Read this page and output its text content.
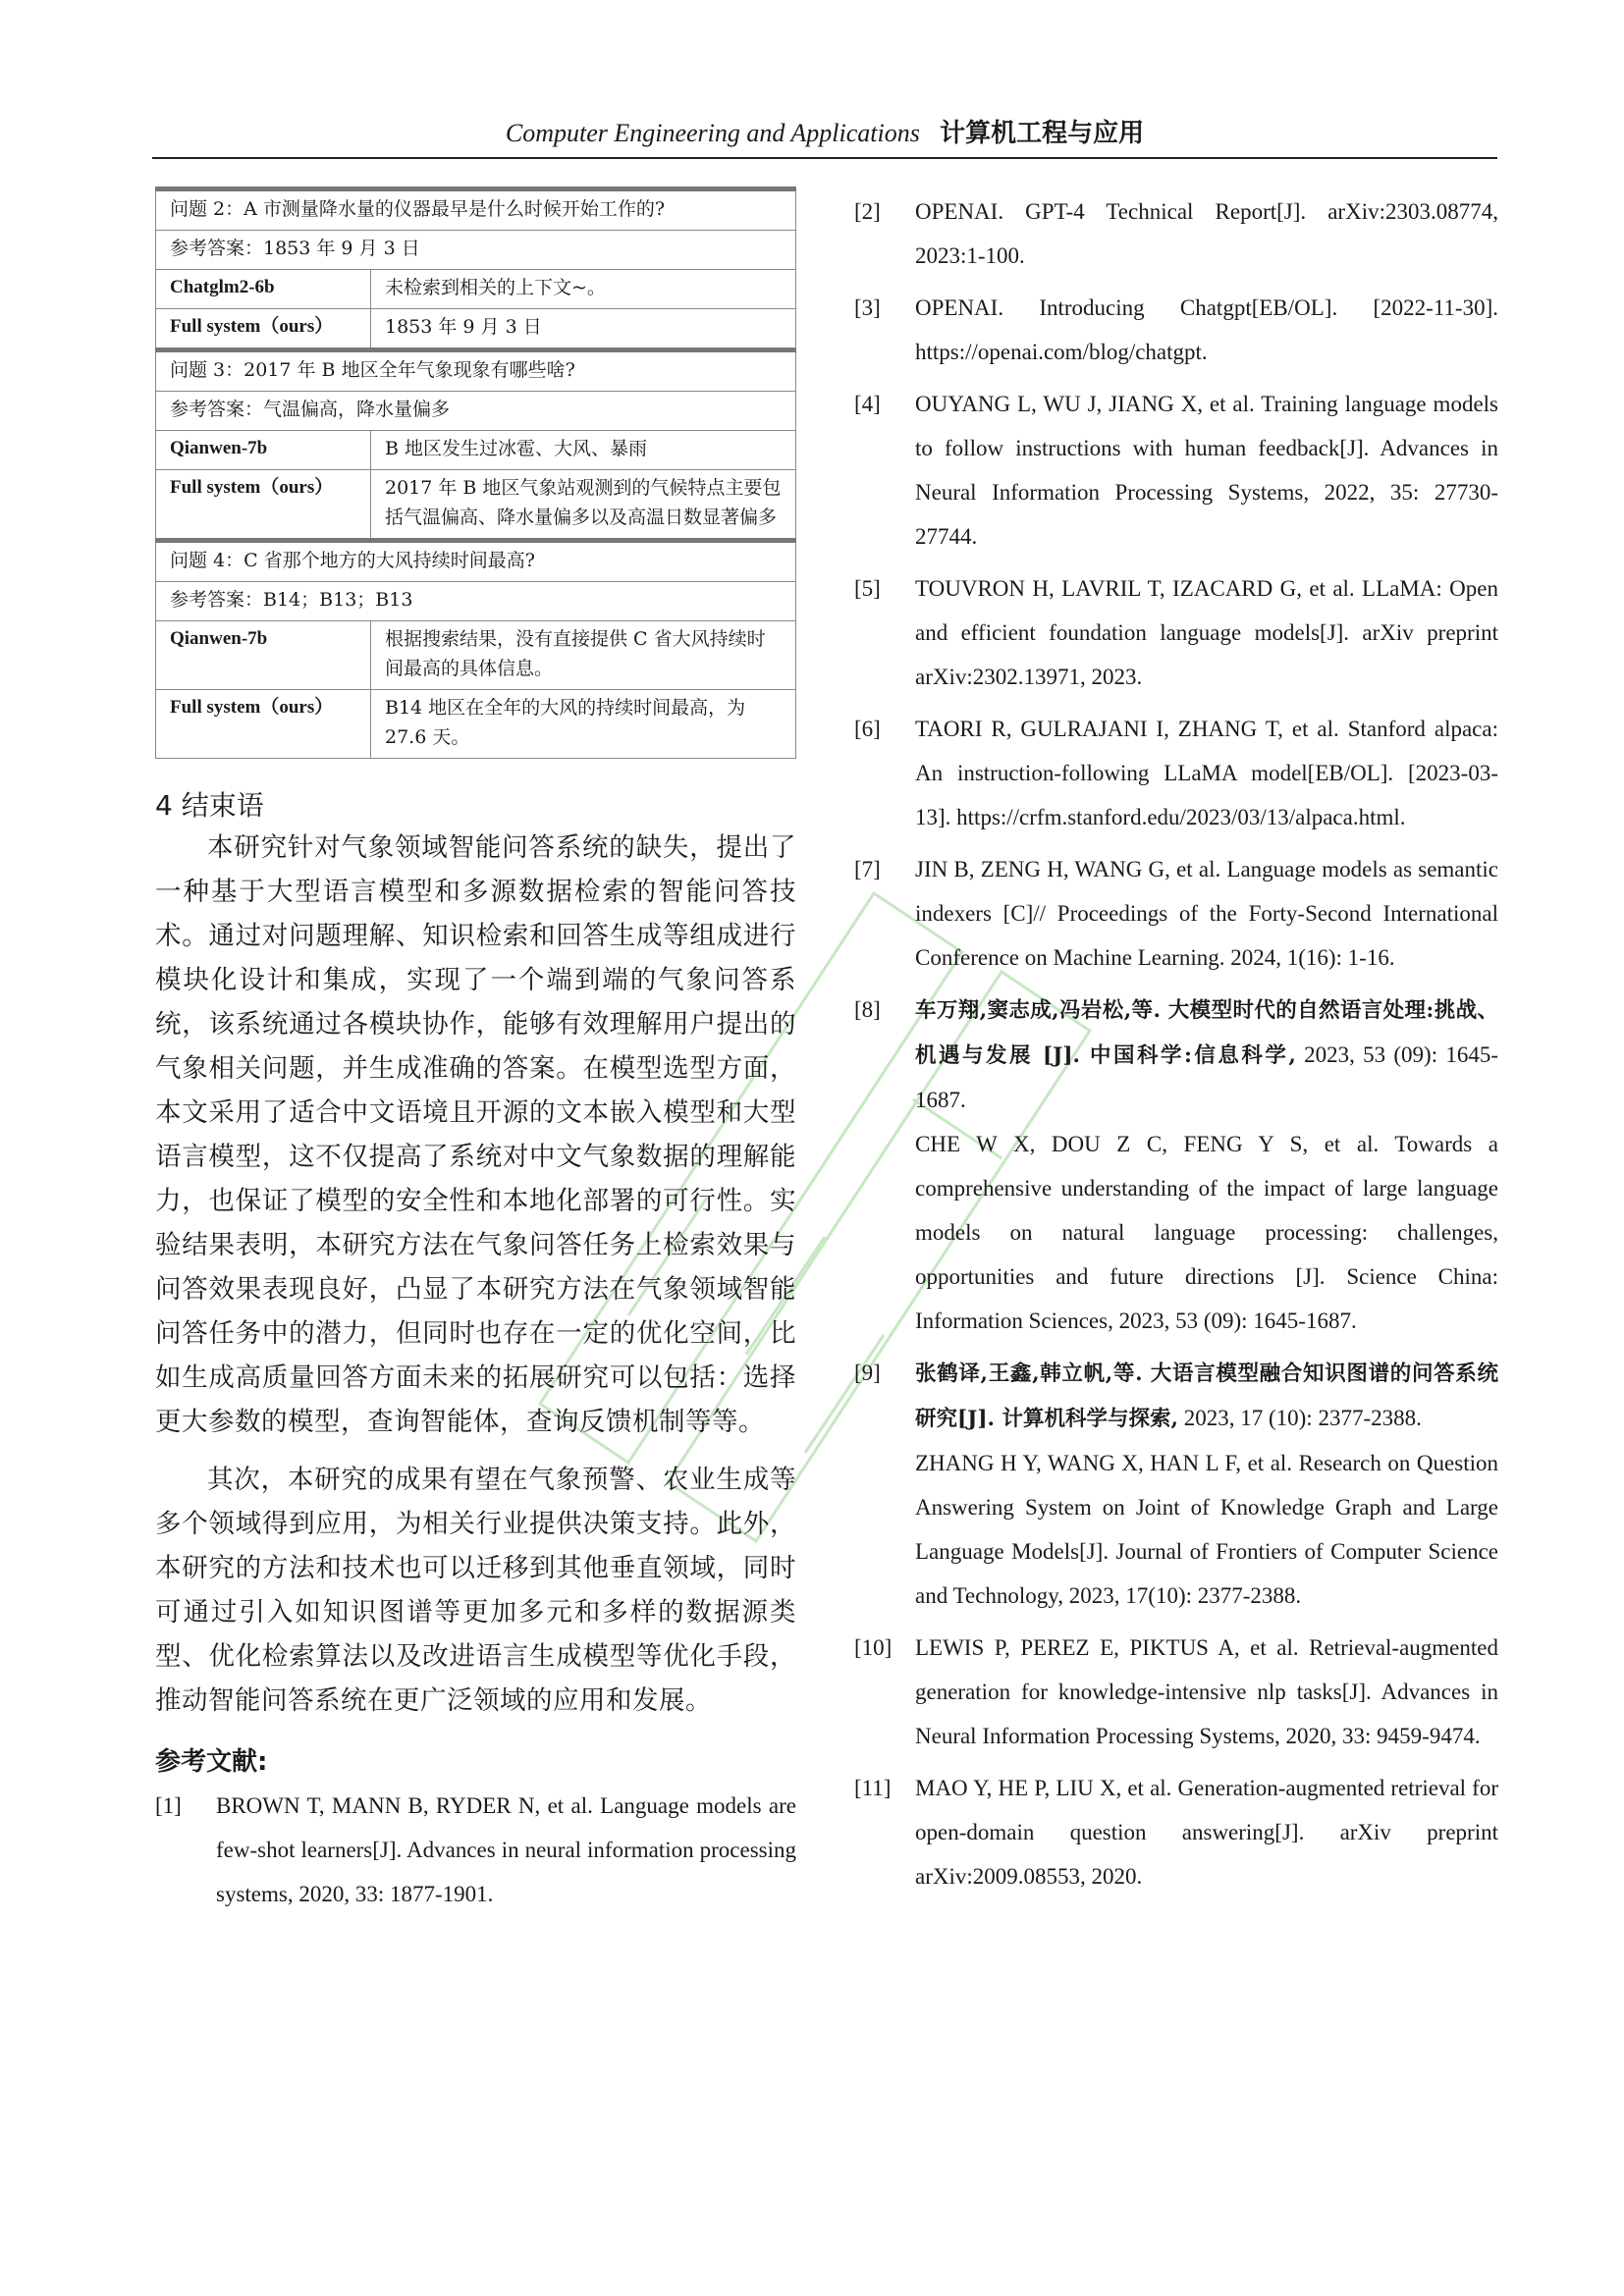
Computer Engineering and Applications 计算机工程与应用
问题 2：A 市测量降水量的仪器最早是什么时候开始工作的?	
参考答案：1853 年 9 月 3 日	
Chatglm2-6b	未检索到相关的上下文~。
Full system（ours）	1853 年 9 月 3 日
问题 3：2017 年 B 地区全年气象现象有哪些啥?	
参考答案：气温偏高，降水量偏多	
Qianwen-7b	B 地区发生过冰雹、大风、暴雨
Full system（ours）	2017 年 B 地区气象站观测到的气候特点主要包括气温偏高、降水量偏多以及高温日数显著偏多
问题 4：C 省那个地方的大风持续时间最高?	
参考答案：B14；B13；B13	
Qianwen-7b	根据搜索结果，没有直接提供 C 省大风持续时间最高的具体信息。
Full system（ours）	B14 地区在全年的大风的持续时间最高，为 27.6 天。
4 结束语

本研究针对气象领域智能问答系统的缺失，提出了一种基于大型语言模型和多源数据检索的智能问答技术。通过对问题理解、知识检索和回答生成等组成进行模块化设计和集成，实现了一个端到端的气象问答系统，该系统通过各模块协作，能够有效理解用户提出的气象相关问题，并生成准确的答案。在模型选型方面，本文采用了适合中文语境且开源的文本嵌入模型和大型语言模型，这不仅提高了系统对中文气象数据的理解能力，也保证了模型的安全性和本地化部署的可行性。实验结果表明，本研究方法在气象问答任务上检索效果与问答效果表现良好，凸显了本研究方法在气象领域智能问答任务中的潜力，但同时也存在一定的优化空间，比如生成高质量回答方面未来的拓展研究可以包括：选择更大参数的模型，查询智能体，查询反馈机制等等。

其次，本研究的成果有望在气象预警、农业生成等多个领域得到应用，为相关行业提供决策支持。此外，本研究的方法和技术也可以迁移到其他垂直领域，同时可通过引入如知识图谱等更加多元和多样的数据源类型、优化检索算法以及改进语言生成模型等优化手段，推动智能问答系统在更广泛领域的应用和发展。

参考文献:
[1]	BROWN T, MANN B, RYDER N, et al. Language models are few-shot learners[J]. Advances in neural information processing systems, 2020, 33: 1877-1901.
[2]	OPENAI. GPT-4 Technical Report[J]. arXiv:2303.08774, 2023:1-100.
[3]	OPENAI. Introducing Chatgpt[EB/OL]. [2022-11-30]. https://openai.com/blog/chatgpt.
[4]	OUYANG L, WU J, JIANG X, et al. Training language models to follow instructions with human feedback[J]. Advances in Neural Information Processing Systems, 2022, 35: 27730-27744.
[5]	TOUVRON H, LAVRIL T, IZACARD G, et al. LLaMA: Open and efficient foundation language models[J]. arXiv preprint arXiv:2302.13971, 2023.
[6]	TAORI R, GULRAJANI I, ZHANG T, et al. Stanford alpaca: An instruction-following LLaMA model[EB/OL]. [2023-03-13]. https://crfm.stanford.edu/2023/03/13/alpaca.html.
[7]	JIN B, ZENG H, WANG G, et al. Language models as semantic indexers [C]// Proceedings of the Forty-Second International Conference on Machine Learning. 2024, 1(16): 1-16.
[8]	车万翔,窦志成,冯岩松,等. 大模型时代的自然语言处理:挑战、机遇与发展 [J]. 中国科学:信息科学, 2023, 53 (09): 1645-1687.
CHE W X, DOU Z C, FENG Y S, et al. Towards a comprehensive understanding of the impact of large language models on natural language processing: challenges, opportunities and future directions [J]. Science China: Information Sciences, 2023, 53 (09): 1645-1687.
[9]	张鹤译,王鑫,韩立帆,等. 大语言模型融合知识图谱的问答系统研究[J]. 计算机科学与探索, 2023, 17 (10): 2377-2388.
ZHANG H Y, WANG X, HAN L F, et al. Research on Question Answering System on Joint of Knowledge Graph and Large Language Models[J]. Journal of Frontiers of Computer Science and Technology, 2023, 17(10): 2377-2388.
[10]	LEWIS P, PEREZ E, PIKTUS A, et al. Retrieval-augmented generation for knowledge-intensive nlp tasks[J]. Advances in Neural Information Processing Systems, 2020, 33: 9459-9474.
[11]	MAO Y, HE P, LIU X, et al. Generation-augmented retrieval for open-domain question answering[J]. arXiv preprint arXiv:2009.08553, 2020.
